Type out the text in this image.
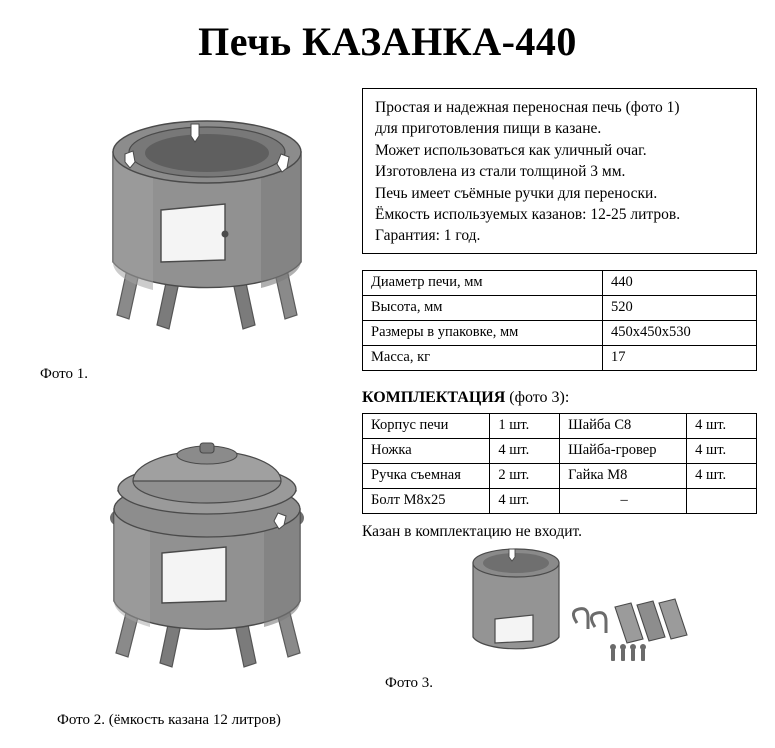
Печь КАЗАНКА-440
Фото 1.
Фото 2. (ёмкость казана 12 литров)
Фото 3.

Простая и надежная переносная печь (фото 1)

для приготовления пищи в казане.

Может использоваться как уличный очаг.

Изготовлена из стали толщиной 3 мм.

Печь имеет съёмные ручки для переноски.

Ёмкость используемых казанов: 12-25 литров.

Гарантия: 1 год.

Диаметр печи, мм	440
Высота, мм	520
Размеры в упаковке, мм	450х450х530
Масса, кг	17
КОМПЛЕКТАЦИЯ (фото 3):
Корпус печи	1 шт.	Шайба С8	4 шт.
Ножка	4 шт.	Шайба-гровер	4 шт.
Ручка съемная	2 шт.	Гайка М8	4 шт.
Болт М8х25	4 шт.	–	
Казан в комплектацию не входит.
